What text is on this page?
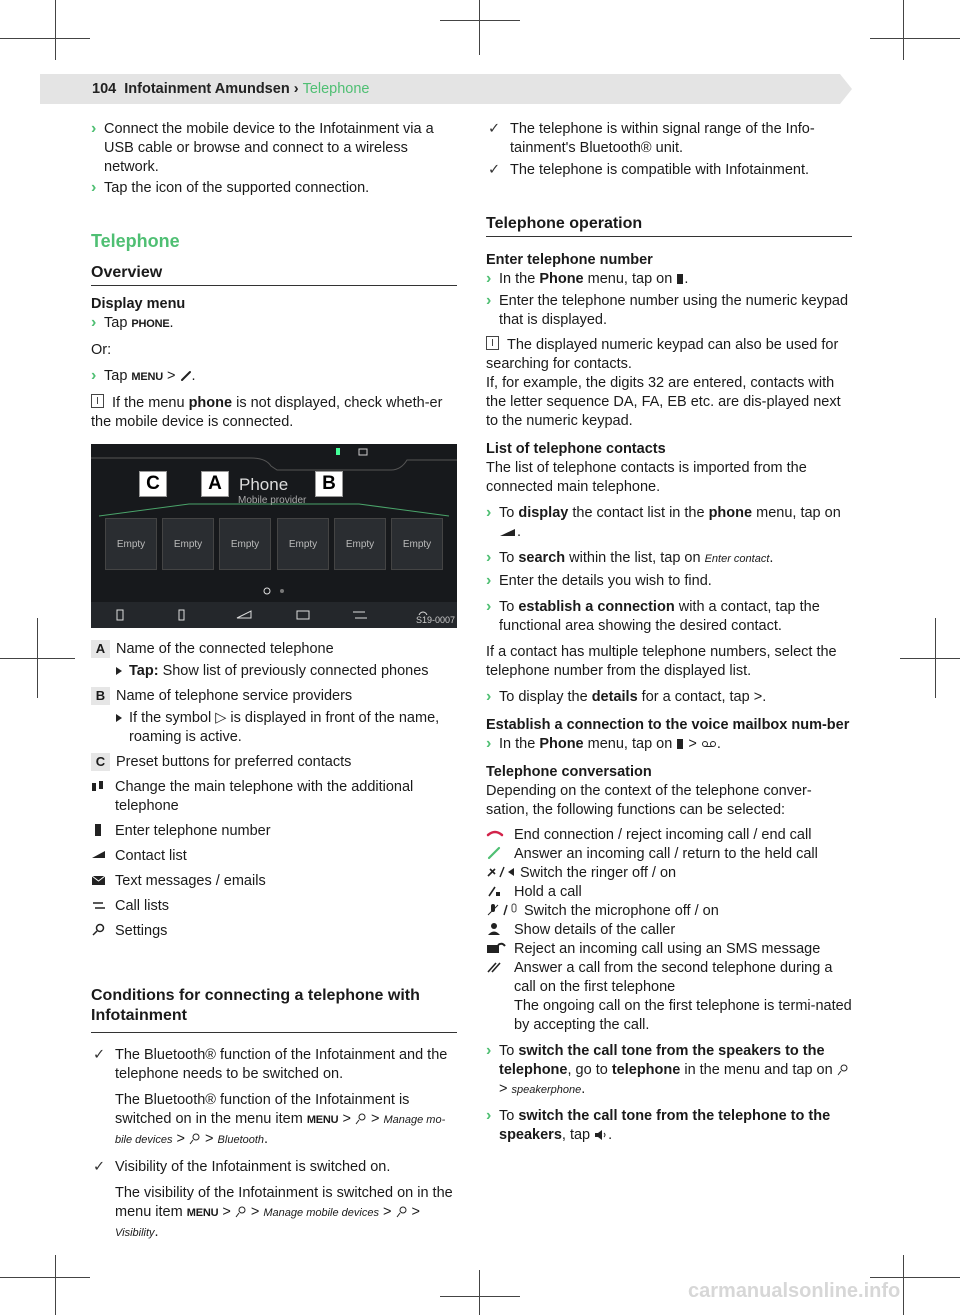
104 Infotainment Amundsen › Telephone

› Connect the mobile device to the Infotainment via a USB cable or browse and connect to a wireless network.

› Tap the icon of the supported connection.

Telephone

Overview

Display menu

› Tap PHONE.

Or:

› Tap MENU > .

If the menu phone is not displayed, check wheth-er the mobile device is connected.

Phone
Mobile provider
C	A	B
Empty	Empty	Empty	Empty	Empty	Empty
S19-0007
A Name of the connected telephone

Tap: Show list of previously connected phones

B Name of telephone service providers

If the symbol ▷ is displayed in front of the name, roaming is active.

C Preset buttons for preferred contacts

Change the main telephone with the additional telephone

Enter telephone number

Contact list

Text messages / emails

Call lists

Settings

Conditions for connecting a telephone with Infotainment

✓ The Bluetooth® function of the Infotainment and the telephone needs to be switched on.

The Bluetooth® function of the Infotainment is switched on in the menu item MENU >  > Manage mo-bile devices >  > Bluetooth.

✓ Visibility of the Infotainment is switched on.

The visibility of the Infotainment is switched on in the menu item MENU >  > Manage mobile devices >  > Visibility.

✓ The telephone is within signal range of the Info-tainment's Bluetooth® unit.

✓ The telephone is compatible with Infotainment.

Telephone operation

Enter telephone number

› In the Phone menu, tap on .

› Enter the telephone number using the numeric keypad that is displayed.

The displayed numeric keypad can also be used for searching for contacts.

If, for example, the digits 32 are entered, contacts with the letter sequence DA, FA, EB etc. are dis-played next to the numeric keypad.

List of telephone contacts

The list of telephone contacts is imported from the connected main telephone.

› To display the contact list in the phone menu, tap on .

› To search within the list, tap on Enter contact.

› Enter the details you wish to find.

› To establish a connection with a contact, tap the functional area showing the desired contact.

If a contact has multiple telephone numbers, select the telephone number from the displayed list.

› To display the details for a contact, tap >.

Establish a connection to the voice mailbox num-ber

› In the Phone menu, tap on  > .

Telephone conversation

Depending on the context of the telephone conver-sation, the following functions can be selected:

End connection / reject incoming call / end call

Answer an incoming call / return to the held call

Switch the ringer off / on

Hold a call

Switch the microphone off / on

Show details of the caller

Reject an incoming call using an SMS message

Answer a call from the second telephone during a call on the first telephone

The ongoing call on the first telephone is termi-nated by accepting the call.

› To switch the call tone from the speakers to the telephone, go to telephone in the menu and tap on  > speakerphone.

› To switch the call tone from the telephone to the speakers, tap .

carmanualsonline.info
